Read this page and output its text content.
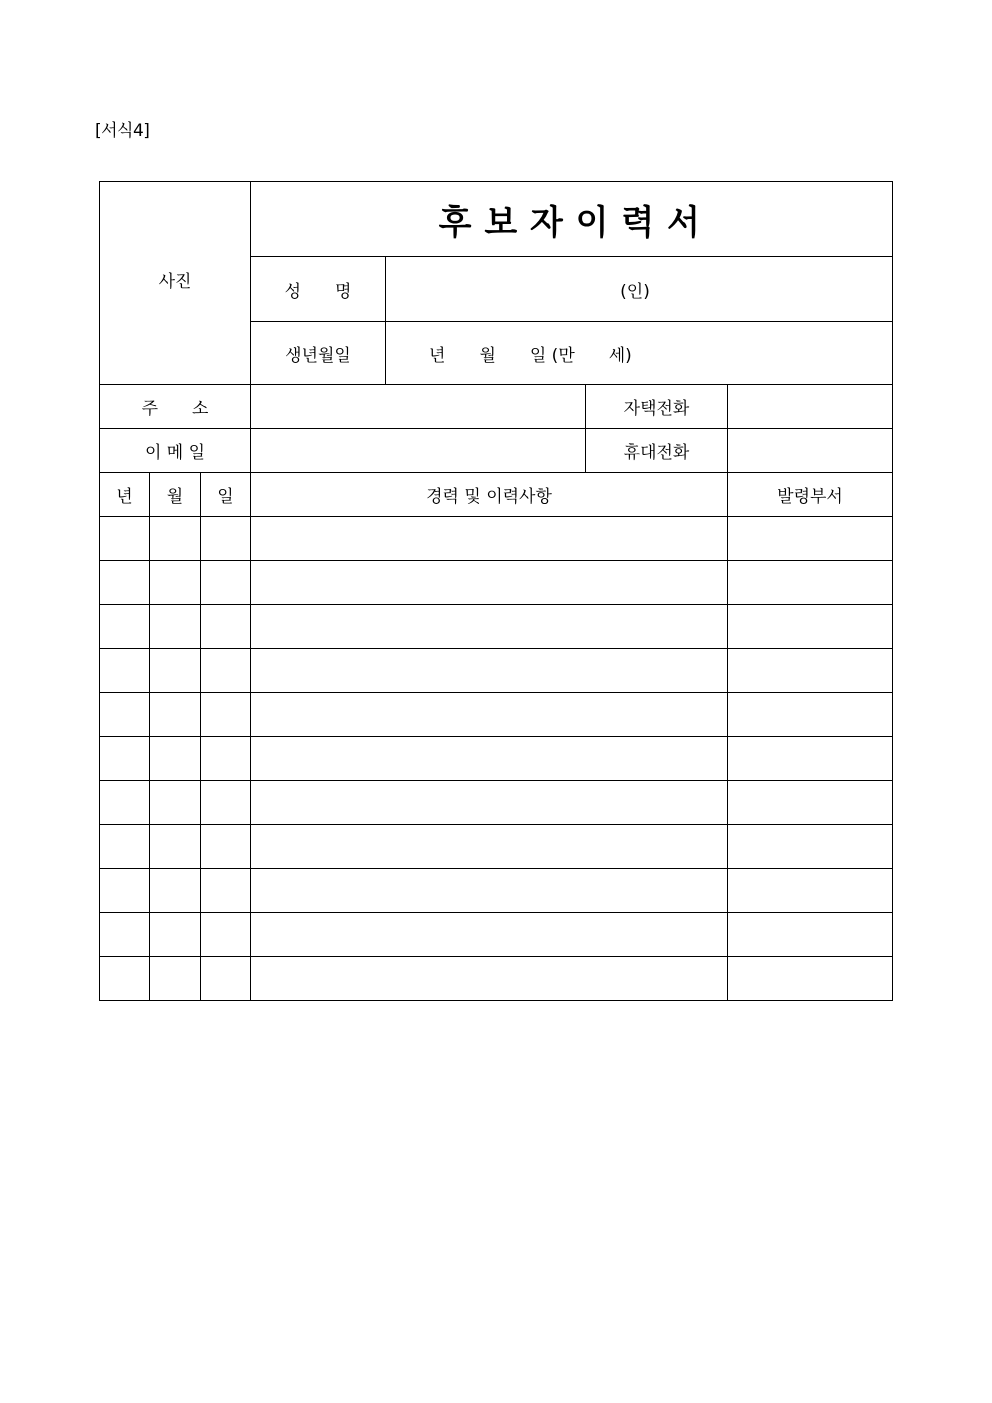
[서식4]
사진			후 보 자 이 력 서			
			성　　명	(인)		
			생년월일	년　　월　　일 (만　　세)		
주　　소					자택전화	
이 메 일					휴대전화	
년	월	일	경력 및 이력사항			발령부서
